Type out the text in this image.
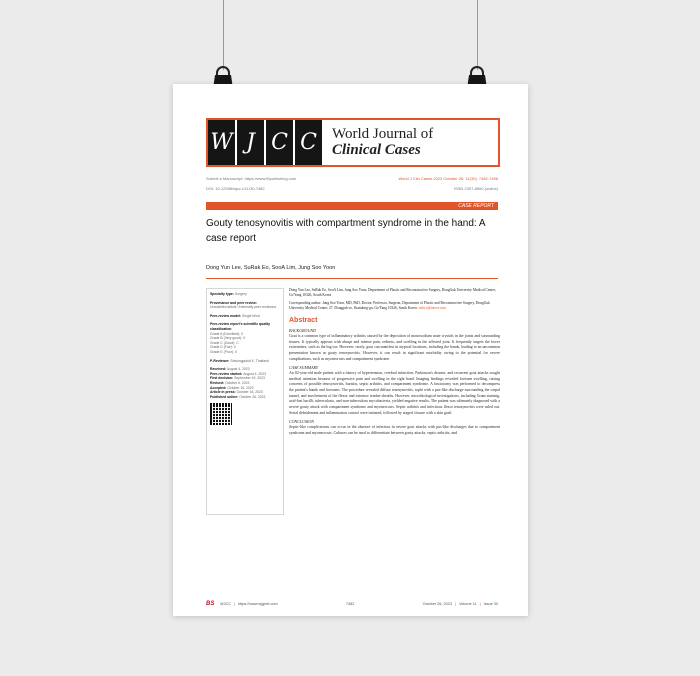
W J C C	World Journal of
Clinical Cases
Submit a Manuscript: https://www.f6publishing.com	World J Clin Cases 2023 October 26; 11(30): 7482-7496
DOI: 10.12998/wjcc.v11.i30.7482	ISSN 2307-8960 (online)
CASE REPORT
Gouty tenosynovitis with compartment syndrome in the hand: A case report
Dong Yun Lee, SuRak Eo, SooA Lim, Jung Soo Yoon
Specialty type: Surgery
Provenance and peer review:
Unsolicited article; Externally peer reviewed.
Peer-review model: Single blind
Peer-review report's scientific quality classification
Grade A (Excellent): 0
Grade B (Very good): 0
Grade C (Good): C
Grade D (Fair): 0
Grade E (Poor): 0
P-Reviewer: Sriwongpukdi K, Thailand
Received: August 4, 2023
Peer-review started: August 4, 2023
First decision: September 19, 2023
Revised: October 6, 2023
Accepted: October 16, 2023
Article in press: October 16, 2023
Published online: October 26, 2023

Dong Yun Lee, SuRak Eo, SooA Lim, Jung Soo Yoon, Department of Plastic and Reconstructive Surgery, DongGuk University Medical Center, Go'Yang 10326, South Korea

Corresponding author: Jung Soo Yoon, MD, PhD, Doctor, Professor, Surgeon, Department of Plastic and Reconstructive Surgery, DongGuk University Medical Center, 27, Dongguk-ro, Ilsandong-gu, Go'Yang 10326, South Korea. ixtbyo@naver.com

Abstract
BACKGROUND

Gout is a common type of inflammatory arthritis caused by the deposition of monosodium urate crystals in the joints and surrounding tissues. It typically appears with abrupt and intense pain, redness, and swelling in the affected joint. It frequently targets the lower extremities, such as the big toe. However, rarely, gout can manifest in atypical locations, including the hands, leading to an uncommon presentation known as gouty tenosynovitis. However, it can result in significant morbidity owing to the potential for severe complications, such as myonecrosis and compartment syndrome.

CASE SUMMARY

An 82-year-old male patient with a history of hypertension, cerebral infarction, Parkinson's disease, and recurrent gout attacks sought medical attention because of progressive pain and swelling in the right hand. Imaging findings revealed forearm swelling, raising concerns of possible tenosynovitis, bursitis, septic arthritis, and compartment syndrome. A fasciotomy was performed to decompress the patient's hands and forearms. The procedure revealed diffuse tenosynovitis, tophi with a pus-like discharge surrounding the carpal tunnel, and involvement of the flexor and extensor tendon sheaths. However, microbiological investigations, including Gram staining, acid-fast bacilli, tuberculosis, and non-tuberculous mycobacteria, yielded negative results. The patient was ultimately diagnosed with a severe gouty attack with compartment syndrome and myonecrosis. Septic arthritis and infectious flexor tenosynovitis were ruled out. Serial debridement and inflammation control were initiated, followed by staged closure with a skin graft.

CONCLUSION

Septic-like complications can occur in the absence of infection in severe gout attacks with pus-like discharges due to compartment syndrome and myonecrosis. Cultures can be used to differentiate between gouty attacks, septic arthritis, and

BS	WJCC | https://www.wjgnet.com	7482	October 26, 2023 | Volume 11 | Issue 30
